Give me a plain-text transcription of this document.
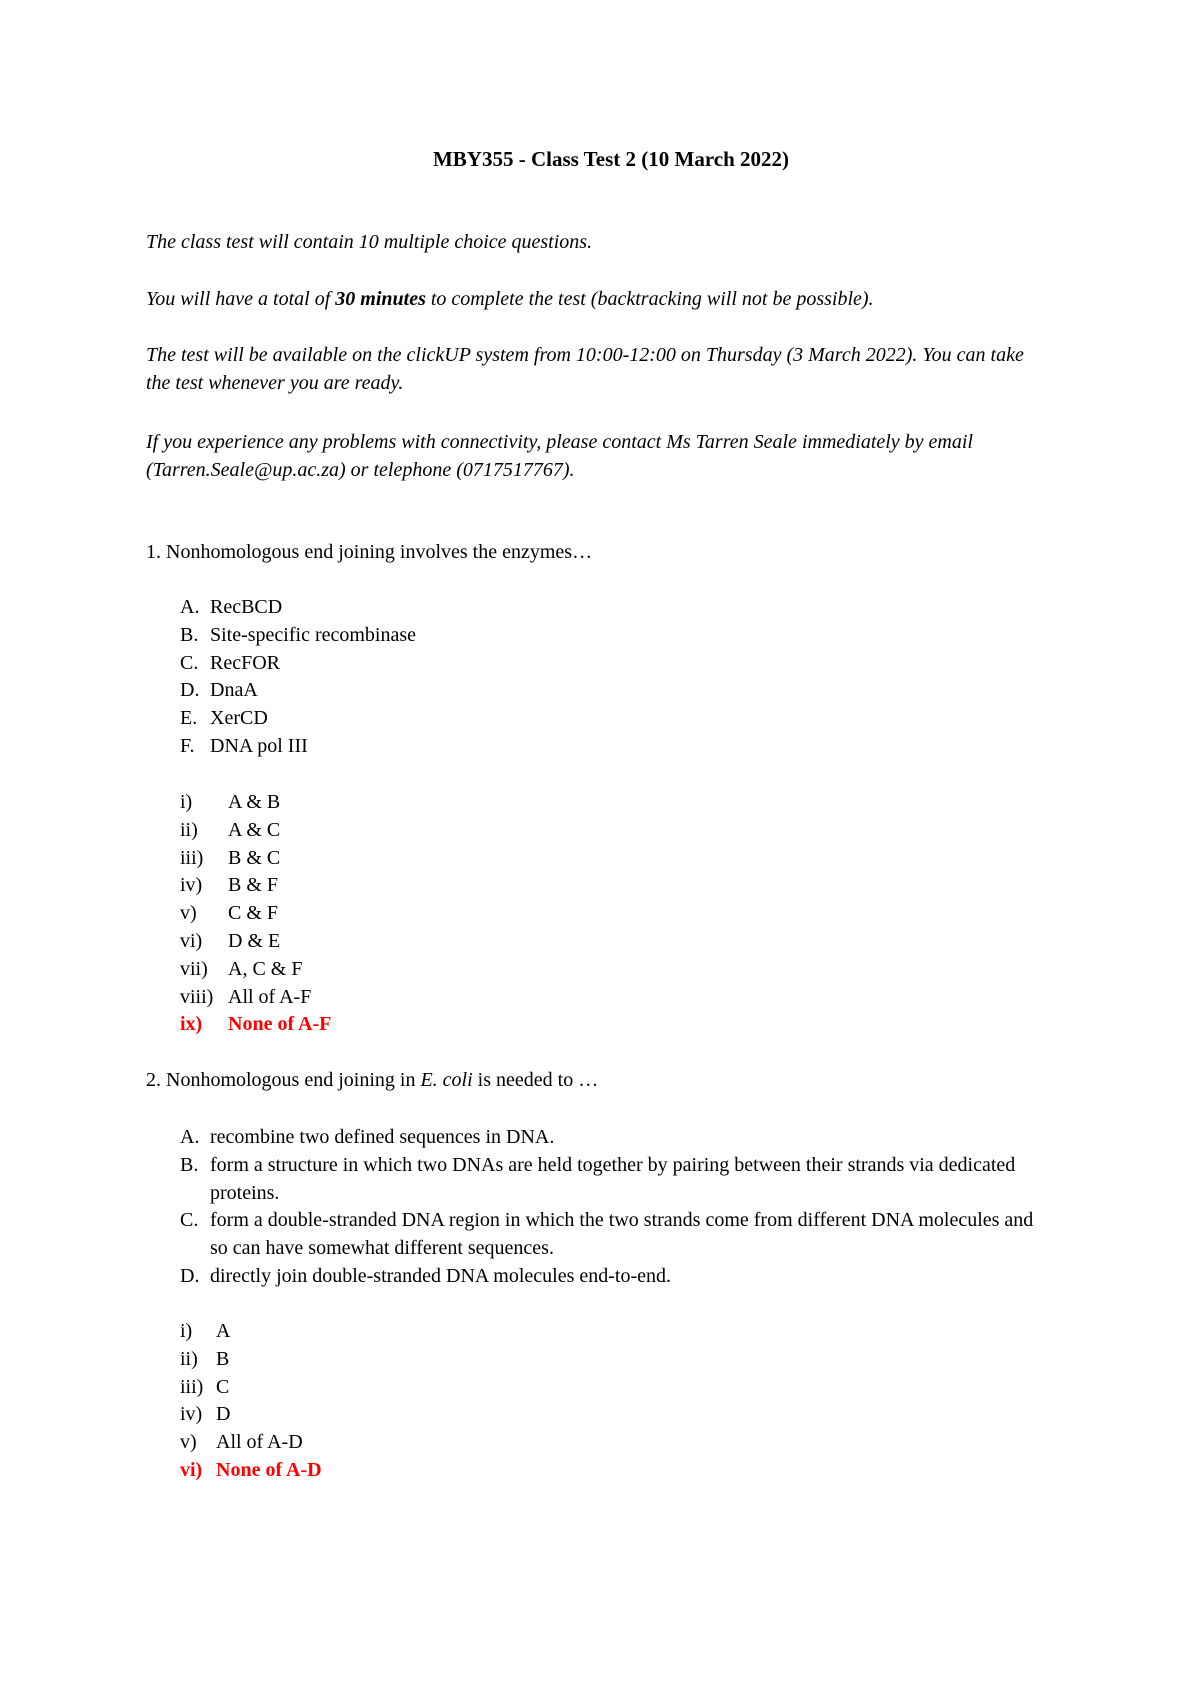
MBY355 - Class Test 2 (10 March 2022)
The class test will contain 10 multiple choice questions.
You will have a total of 30 minutes to complete the test (backtracking will not be possible).
The test will be available on the clickUP system from 10:00-12:00 on Thursday (3 March 2022). You can take the test whenever you are ready.
If you experience any problems with connectivity, please contact Ms Tarren Seale immediately by email (Tarren.Seale@up.ac.za) or telephone (0717517767).
1. Nonhomologous end joining involves the enzymes…
A. RecBCD
B. Site-specific recombinase
C. RecFOR
D. DnaA
E. XerCD
F. DNA pol III
i)	A & B
ii)	A & C
iii)	B & C
iv)	B & F
v)	C & F
vi)	D & E
vii)	A, C & F
viii) All of A-F
ix)	None of A-F
2. Nonhomologous end joining in E. coli is needed to …
A. recombine two defined sequences in DNA.
B. form a structure in which two DNAs are held together by pairing between their strands via dedicated proteins.
C. form a double-stranded DNA region in which the two strands come from different DNA molecules and so can have somewhat different sequences.
D. directly join double-stranded DNA molecules end-to-end.
i)	A
ii) B
iii) C
iv) D
v) All of A-D
vi) None of A-D
